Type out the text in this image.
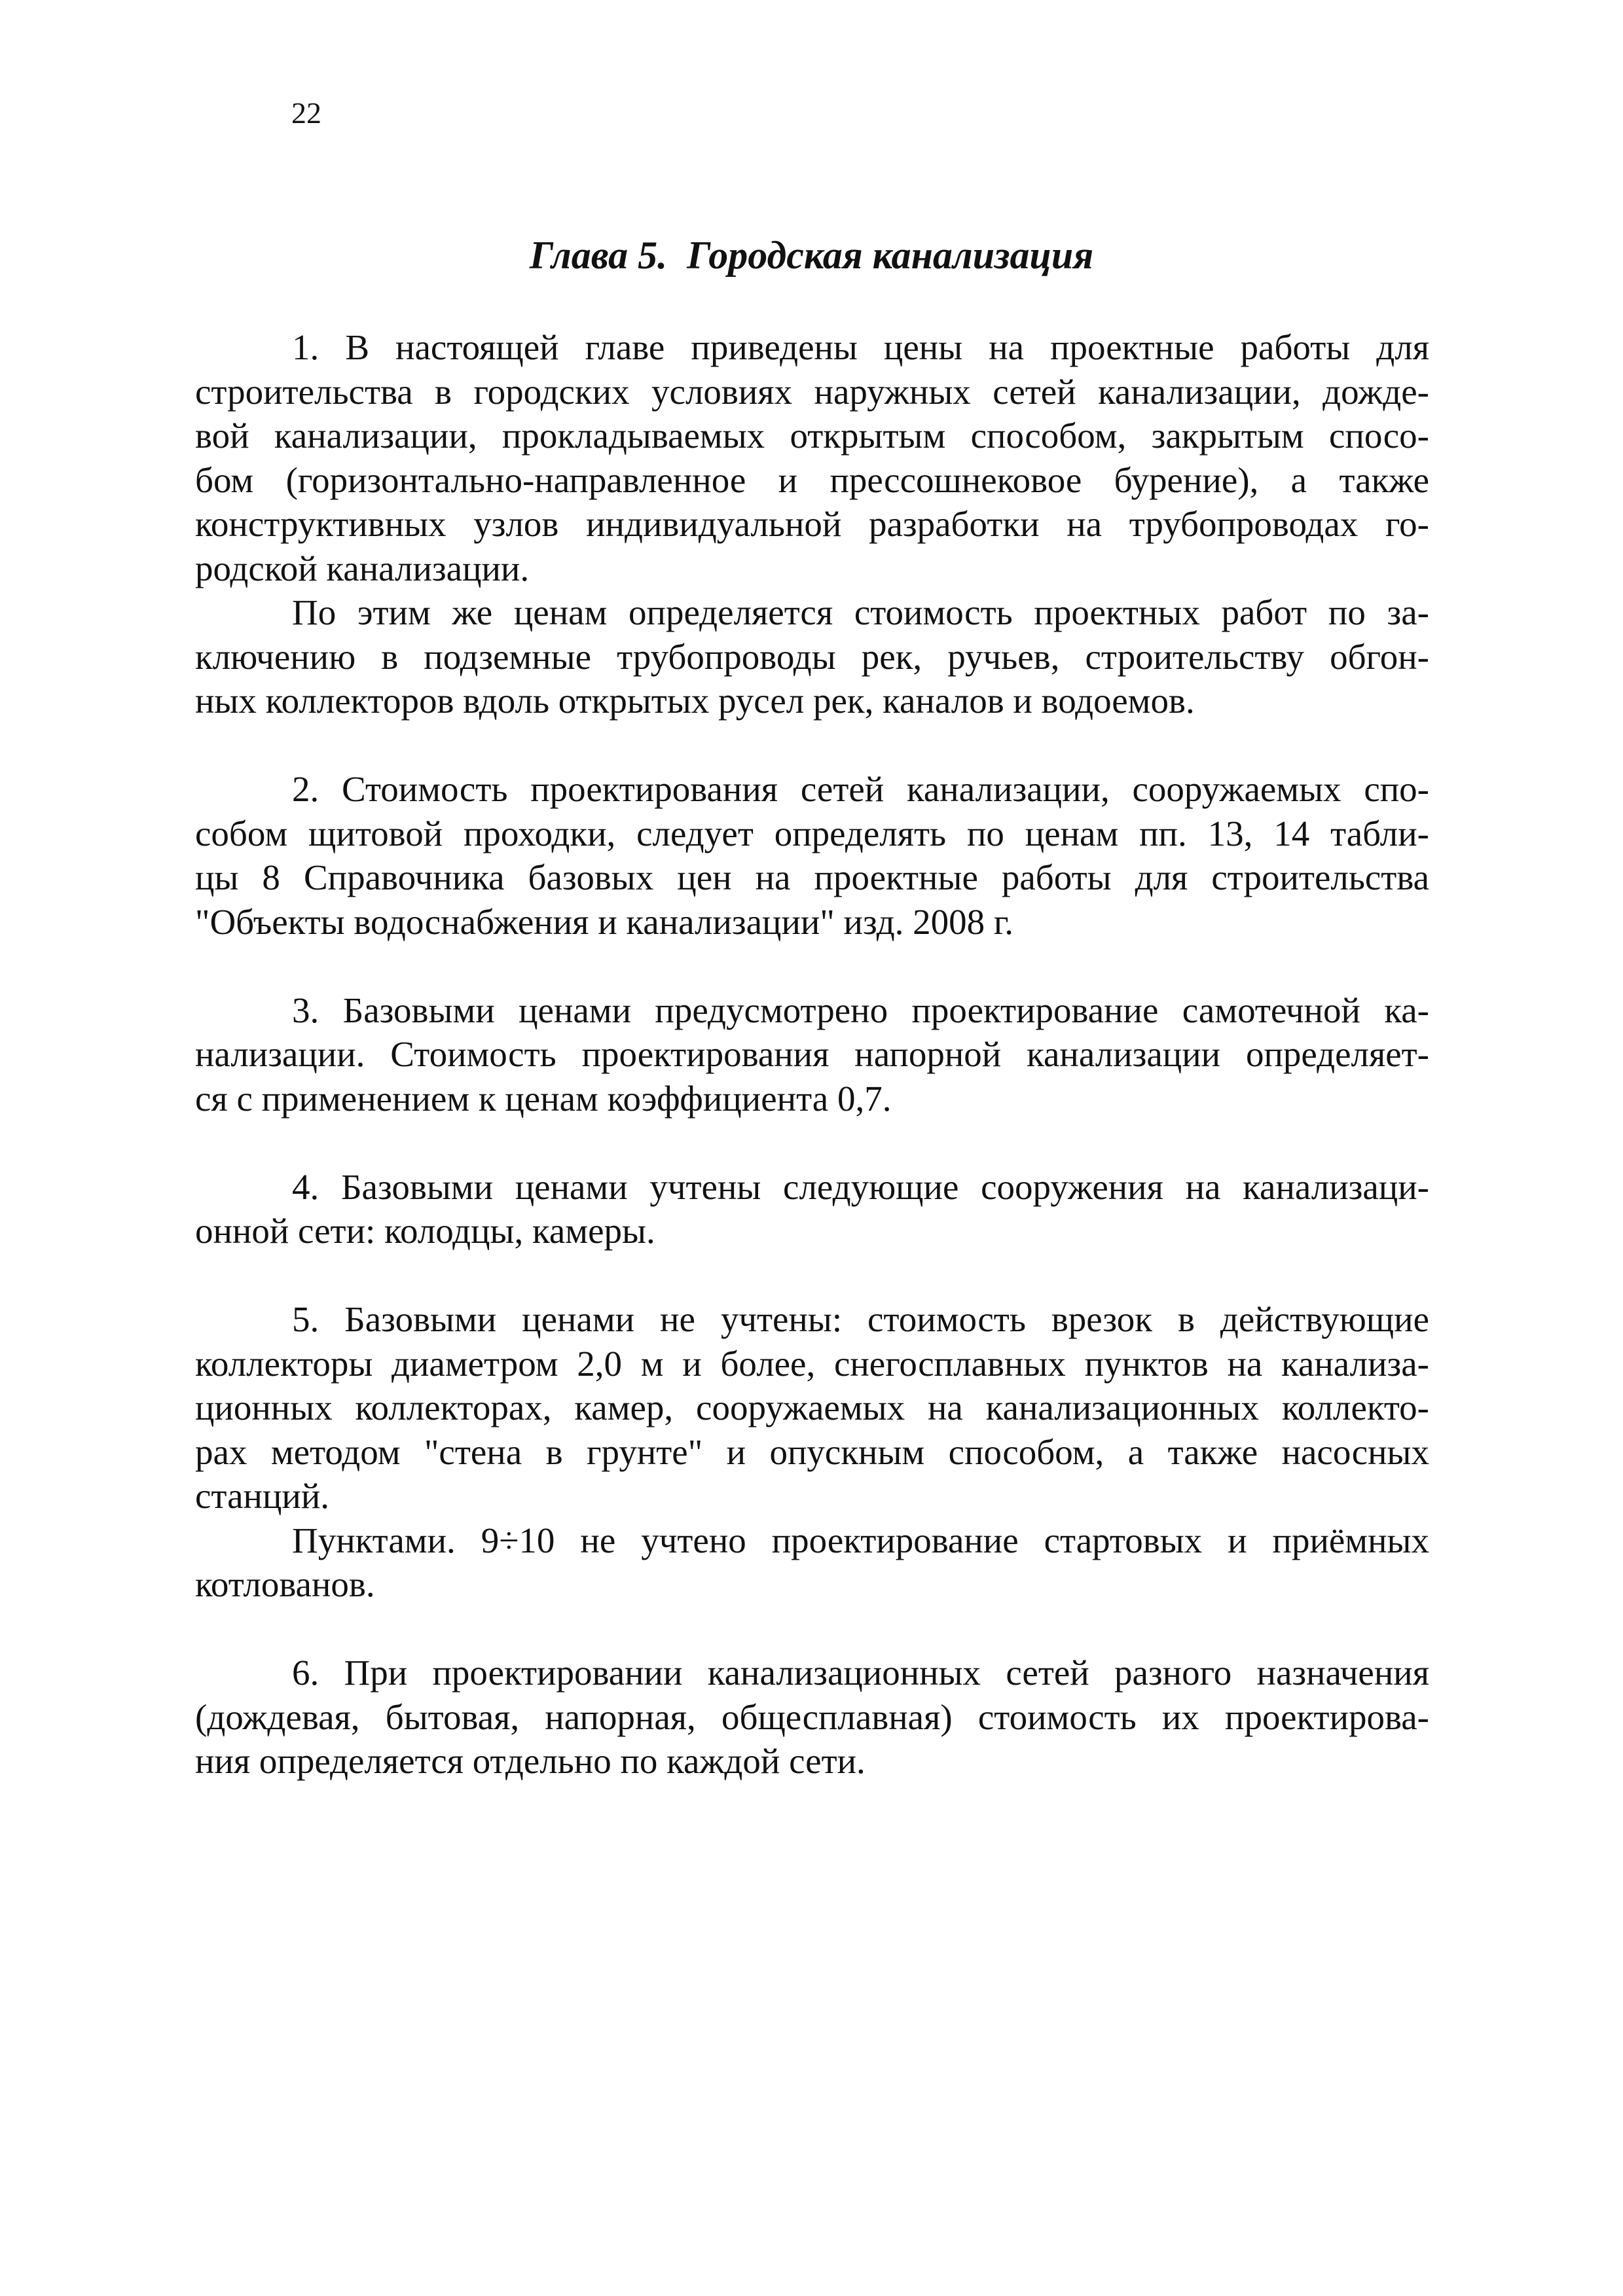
22
Глава 5.  Городская канализация
1. В настоящей главе приведены цены на проектные работы для
строительства в городских условиях наружных сетей канализации, дожде-
вой канализации, прокладываемых открытым способом, закрытым спосо-
бом (горизонтально-направленное и прессошнековое бурение), а также
конструктивных узлов индивидуальной разработки на трубопроводах го-
родской канализации.
По этим же ценам определяется стоимость проектных работ по за-
ключению в подземные трубопроводы рек, ручьев, строительству обгон-
ных коллекторов вдоль открытых русел рек, каналов и водоемов.
2. Стоимость проектирования сетей канализации, сооружаемых спо-
собом щитовой проходки, следует определять по ценам пп. 13, 14 табли-
цы 8 Справочника базовых цен на проектные работы для строительства
"Объекты водоснабжения и канализации" изд. 2008 г.
3. Базовыми ценами предусмотрено проектирование самотечной ка-
нализации. Стоимость проектирования напорной канализации определяет-
ся с применением к ценам коэффициента 0,7.
4. Базовыми ценами учтены следующие сооружения на канализаци-
онной сети: колодцы, камеры.
5. Базовыми ценами не учтены: стоимость врезок в действующие
коллекторы диаметром 2,0 м и более, снегосплавных пунктов на канализа-
ционных коллекторах, камер, сооружаемых на канализационных коллекто-
рах методом "стена в грунте" и опускным способом, а также насосных
станций.
Пунктами. 9÷10 не учтено проектирование стартовых и приёмных
котлованов.
6. При проектировании канализационных сетей разного назначения
(дождевая, бытовая, напорная, общесплавная) стоимость их проектирова-
ния определяется отдельно по каждой сети.
